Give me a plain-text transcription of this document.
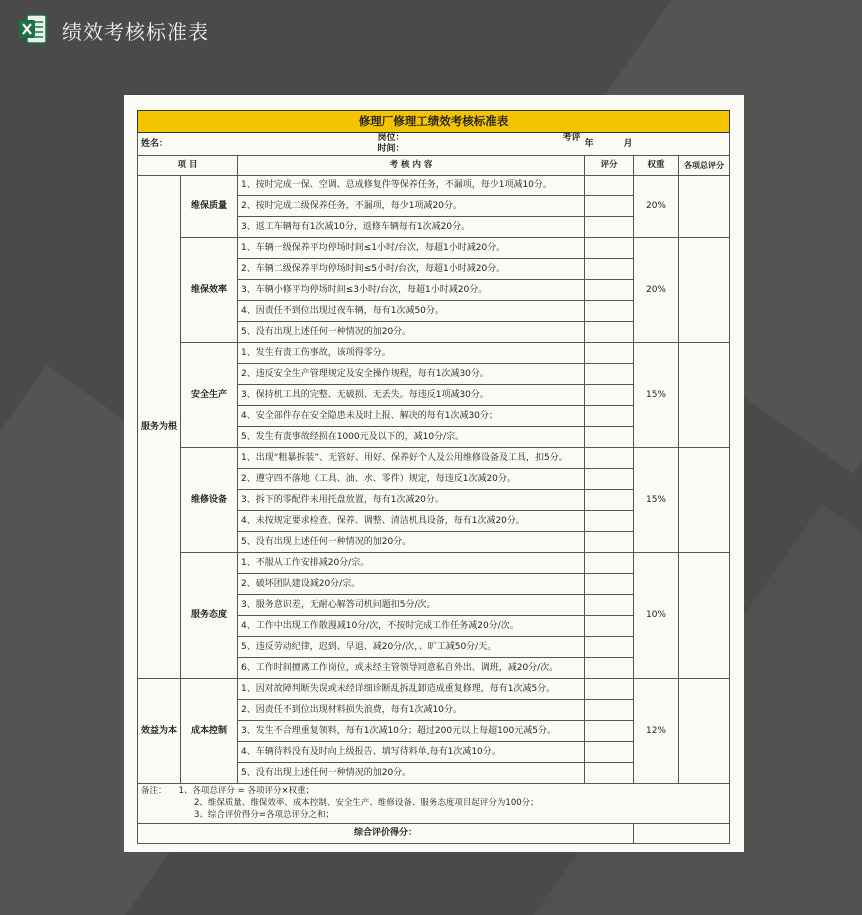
绩效考核标准表
修理厂修理工绩效考核标准表					
姓名：		岗位： 考评时间：	年 月		
项 目		考 核 内 容	评分	权重	各项总评分
服务为根	维保质量	1、按时完成一保、空调、总成修复件等保养任务，不漏项，每少1项减10分。		20%	
		2、按时完成二级保养任务，不漏项，每少1项减20分。			
		3、返工车辆每有1次减10分，返修车辆每有1次减20分。			
	维保效率	1、车辆一级保养平均停场时间≤1小时/台次，每超1小时减20分。		20%	
		2、车辆二级保养平均停场时间≤5小时/台次，每超1小时减20分。			
		3、车辆小修平均停场时间≤3小时/台次，每超1小时减20分。			
		4、因责任不到位出现过夜车辆，每有1次减50分。			
		5、没有出现上述任何一种情况的加20分。			
	安全生产	1、发生有责工伤事故，该项得零分。		15%	
		2、违反安全生产管理规定及安全操作规程，每有1次减30分。			
		3、保持机工具的完整、无破损、无丢失。每违反1项减30分。			
		4、安全部件存在安全隐患未及时上报、解决的每有1次减30分；			
		5、发生有责事故经损在1000元及以下的，减10分/宗。			
	维修设备	1、出现“粗暴拆装”、无管好、用好、保养好个人及公用维修设备及工具，扣5分。		15%	
		2、遵守四不落地（工具、油、水、零件）规定，每违反1次减20分。			
		3、拆下的零配件未用托盘放置，每有1次减20分。			
		4、未按规定要求检查、保养、调整、清洁机具设备，每有1次减20分。			
		5、没有出现上述任何一种情况的加20分。			
	服务态度	1、不服从工作安排减20分/宗。		10%	
		2、破坏团队建设减20分/宗。			
		3、服务意识差，无耐心解答司机问题扣5分/次。			
		4、工作中出现工作散漫减10分/次，不按时完成工作任务减20分/次。			
		5、违反劳动纪律，迟到、早退、减20分/次，、旷工减50分/天。			
		6、工作时间擅离工作岗位，或未经主管领导同意私自外出、调班，减20分/次。			
效益为本	成本控制	1、因对故障判断失误或未经详细诊断乱拆乱卸造成重复修理，每有1次减5分。		12%	
		2、因责任不到位出现材料损失浪费，每有1次减10分。			
		3、发生不合理重复领料，每有1次减10分；超过200元以上每超100元减5分。			
		4、车辆待料没有及时向上级报告、填写待料单,每有1次减10分。			
		5、没有出现上述任何一种情况的加20分。			

备注： 1、各项总评分 = 各项评分×权重；
2、维保质量、维保效率、成本控制、安全生产、维修设备、服务态度项目起评分为100分；
3、综合评价得分=各项总评分之和；					

综合评价得分：					
